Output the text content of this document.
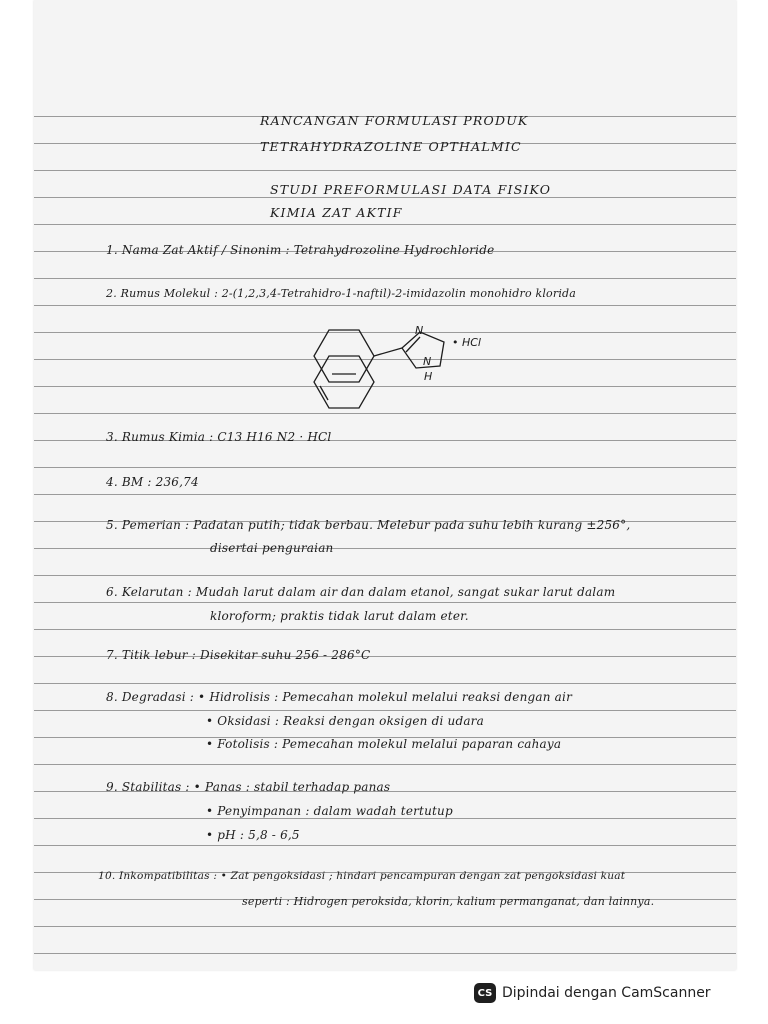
RANCANGAN FORMULASI PRODUK
TETRAHYDRAZOLINE OPTHALMIC
STUDI PREFORMULASI DATA FISIKO
KIMIA ZAT AKTIF
1. Nama Zat Aktif / Sinonim : Tetrahydrozoline Hydrochloride
2. Rumus Molekul : 2-(1,2,3,4-Tetrahidro-1-naftil)-2-imidazolin monohidro klorida
N
N
H
• HCl
3. Rumus Kimia : C13 H16 N2 · HCl
4. BM : 236,74
5. Pemerian : Padatan putih; tidak berbau. Melebur pada suhu lebih kurang ±256°,
disertai penguraian
6. Kelarutan : Mudah larut dalam air dan dalam etanol, sangat sukar larut dalam
kloroform; praktis tidak larut dalam eter.
7. Titik lebur : Disekitar suhu 256 - 286°C
8. Degradasi : • Hidrolisis : Pemecahan molekul melalui reaksi dengan air
• Oksidasi : Reaksi dengan oksigen di udara
• Fotolisis : Pemecahan molekul melalui paparan cahaya
9. Stabilitas : • Panas : stabil terhadap panas
• Penyimpanan : dalam wadah tertutup
• pH : 5,8 - 6,5
10. Inkompatibilitas : • Zat pengoksidasi ; hindari pencampuran dengan zat pengoksidasi kuat
seperti : Hidrogen peroksida, klorin, kalium permanganat, dan lainnya.
CS Dipindai dengan CamScanner
